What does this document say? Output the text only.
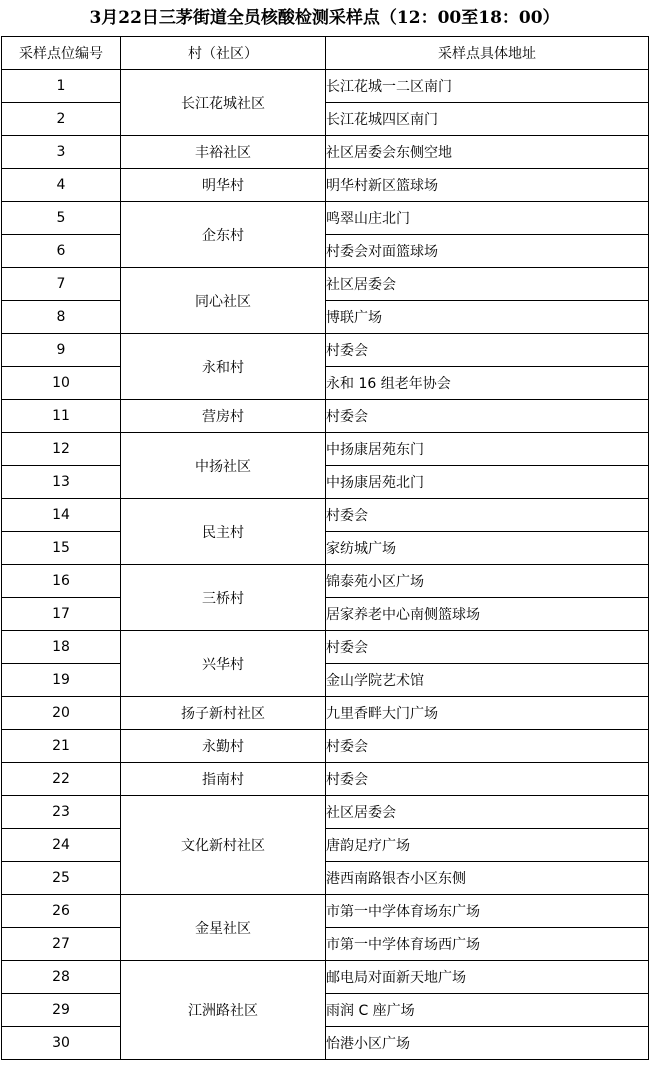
3月22日三茅街道全员核酸检测采样点（12：00至18：00）
采样点位编号	村（社区）	采样点具体地址
1	长江花城社区	长江花城一二区南门
2		长江花城四区南门
3	丰裕社区	社区居委会东侧空地
4	明华村	明华村新区篮球场
5	企东村	鸣翠山庄北门
6		村委会对面篮球场
7	同心社区	社区居委会
8		博联广场
9	永和村	村委会
10		永和 16 组老年协会
11	营房村	村委会
12	中扬社区	中扬康居苑东门
13		中扬康居苑北门
14	民主村	村委会
15		家纺城广场
16	三桥村	锦泰苑小区广场
17		居家养老中心南侧篮球场
18	兴华村	村委会
19		金山学院艺术馆
20	扬子新村社区	九里香畔大门广场
21	永勤村	村委会
22	指南村	村委会
23	文化新村社区	社区居委会
24		唐韵足疗广场
25		港西南路银杏小区东侧
26	金星社区	市第一中学体育场东广场
27		市第一中学体育场西广场
28	江洲路社区	邮电局对面新天地广场
29		雨润 C 座广场
30		怡港小区广场
